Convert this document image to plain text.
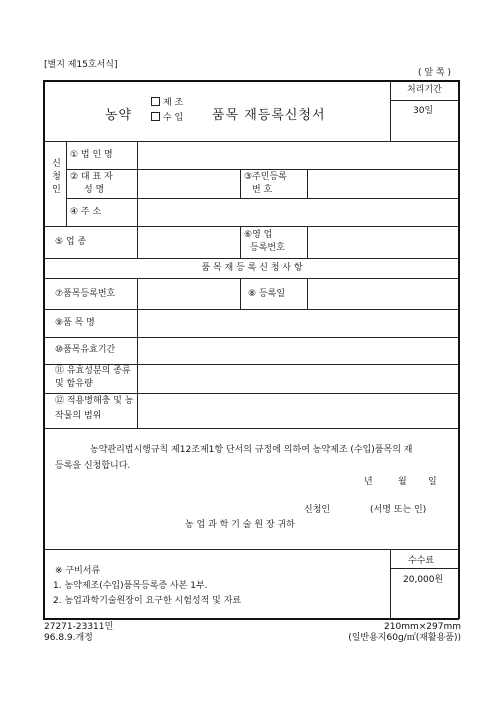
[별지 제15호서식]
( 앞 쪽 )
농약
제 조
수 입 품목 재등록신청서
처리기간
30일
신청인
① 법 인 명
② 대 표 자
성 명
③주민등록
번 호
④ 주 소
⑤ 업 종
⑥영 업
등록번호
품 목 재 등 록 신 청 사 항
⑦품목등록번호	⑧ 등록일
⑨품 목 명
⑩품목유효기간
⑪ 유효성분의 종류
및 함유량
⑫ 적용병해충 및 농
작물의 범위
농약관리법시행규칙 제12조제1항 단서의 규정에 의하여 농약제조 (수입)품목의 재
등록을 신청합니다.
년	월 일
신청인	(서명 또는 인)
농 업 과 학 기 술 원 장 귀하
※ 구비서류
1. 농약제조(수입)품목등록증 사본 1부.
2. 농업과학기술원장이 요구한 시험성적 및 자료
수수료
20,000원
27271-23311민
96.8.9.개정
210mm×297mm
(일반용지60g/㎡(재활용품))
